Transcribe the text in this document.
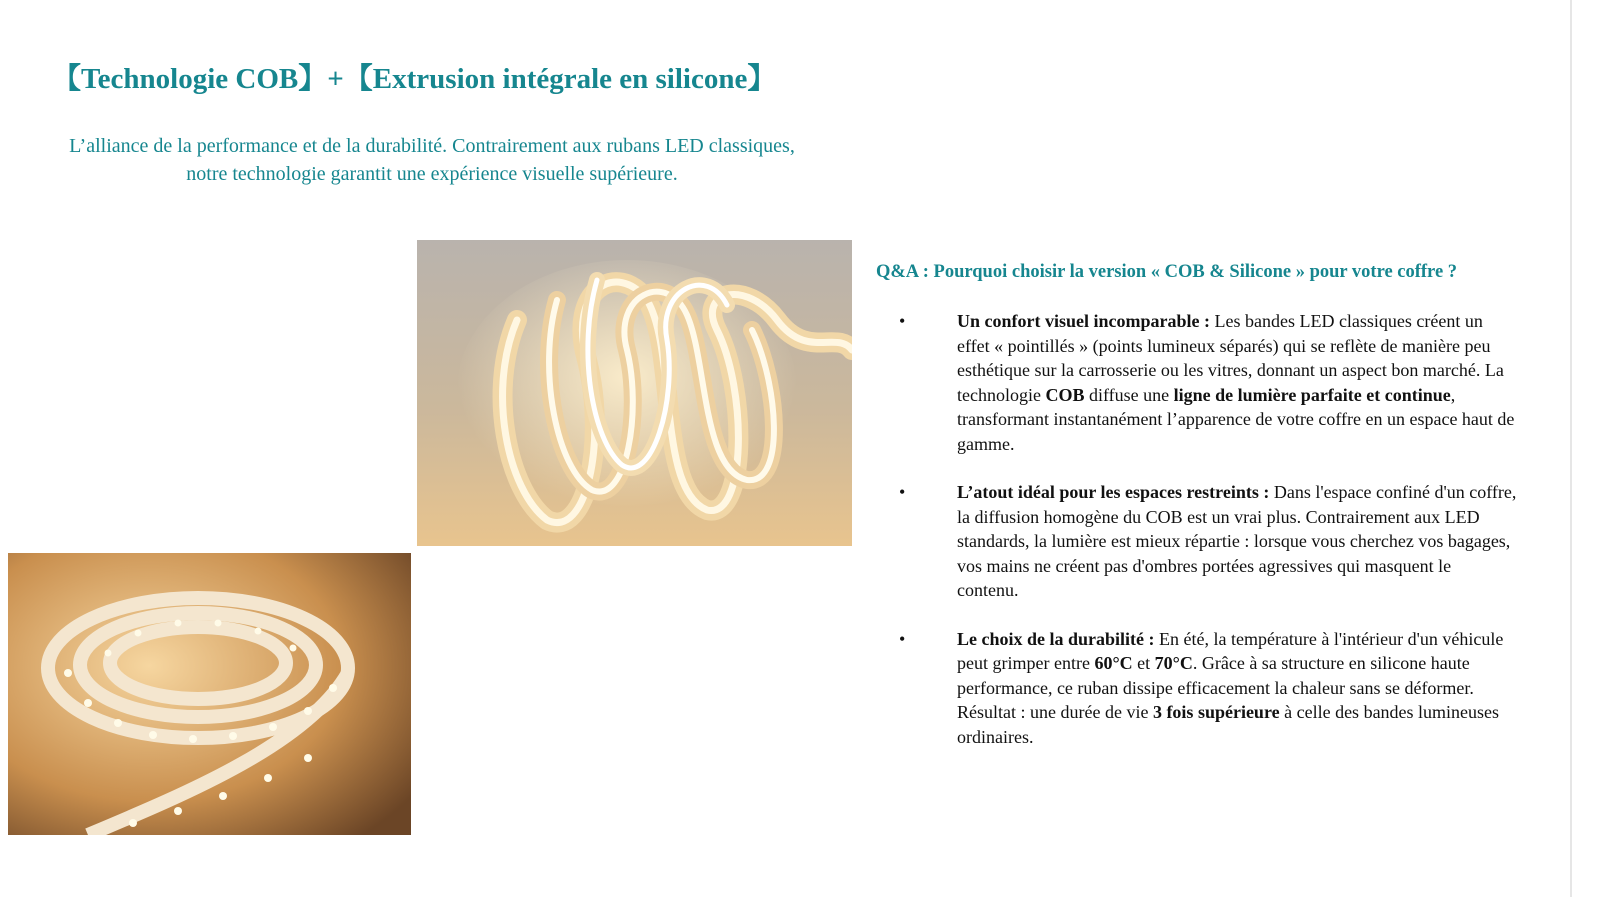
【Technologie COB】+【Extrusion intégrale en silicone】

L’alliance de la performance et de la durabilité. Contrairement aux rubans LED classiques, notre technologie garantit une expérience visuelle supérieure.

Q&A : Pourquoi choisir la version « COB & Silicone » pour votre coffre ?
•	Un confort visuel incomparable : Les bandes LED classiques créent un effet « pointillés » (points lumineux séparés) qui se reflète de manière peu esthétique sur la carrosserie ou les vitres, donnant un aspect bon marché. La technologie COB diffuse une ligne de lumière parfaite et continue, transformant instantanément l’apparence de votre coffre en un espace haut de gamme.
•	L’atout idéal pour les espaces restreints : Dans l'espace confiné d'un coffre, la diffusion homogène du COB est un vrai plus. Contrairement aux LED standards, la lumière est mieux répartie : lorsque vous cherchez vos bagages, vos mains ne créent pas d'ombres portées agressives qui masquent le contenu.
•	Le choix de la durabilité : En été, la température à l'intérieur d'un véhicule peut grimper entre 60°C et 70°C. Grâce à sa structure en silicone haute performance, ce ruban dissipe efficacement la chaleur sans se déformer. Résultat : une durée de vie 3 fois supérieure à celle des bandes lumineuses ordinaires.
